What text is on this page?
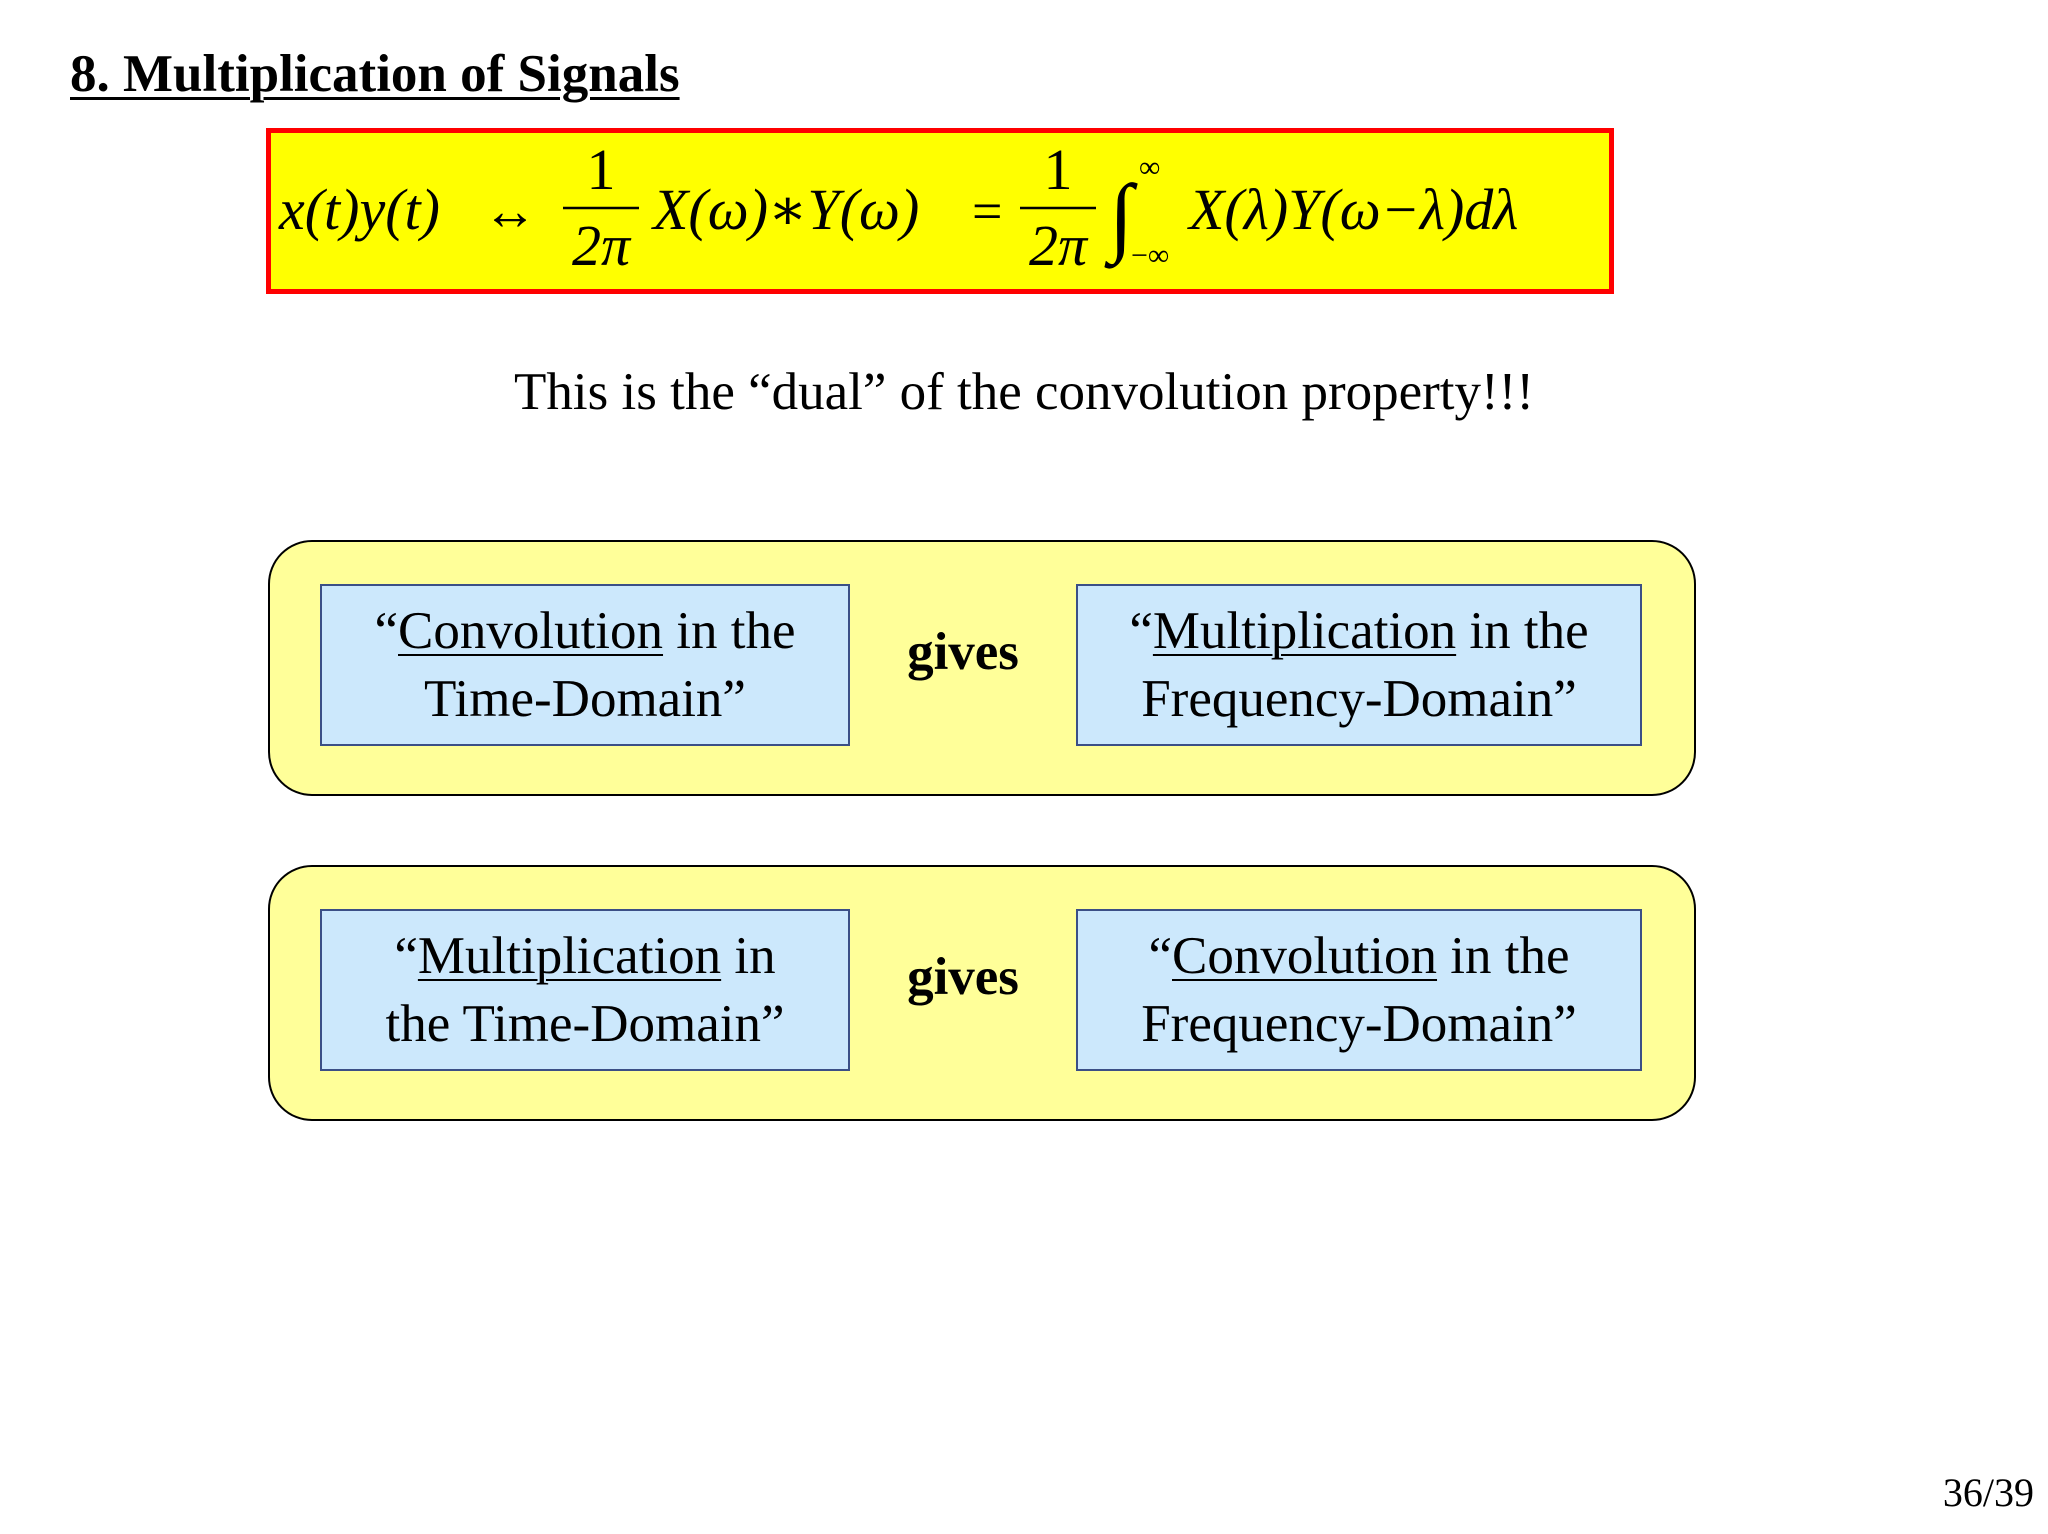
8. Multiplication of Signals
x(t)y(t) ↔
1
2π
X(ω)∗Y(ω) =
1
2π ∫
∞
−∞
X(λ)Y(ω−λ)dλ
This is the “dual” of the convolution property!!!
“Convolution in the
Time-Domain”
gives	“Multiplication in the
Frequency-Domain”
“Multiplication in
the Time-Domain”
gives	“Convolution in the
Frequency-Domain”
36/39
